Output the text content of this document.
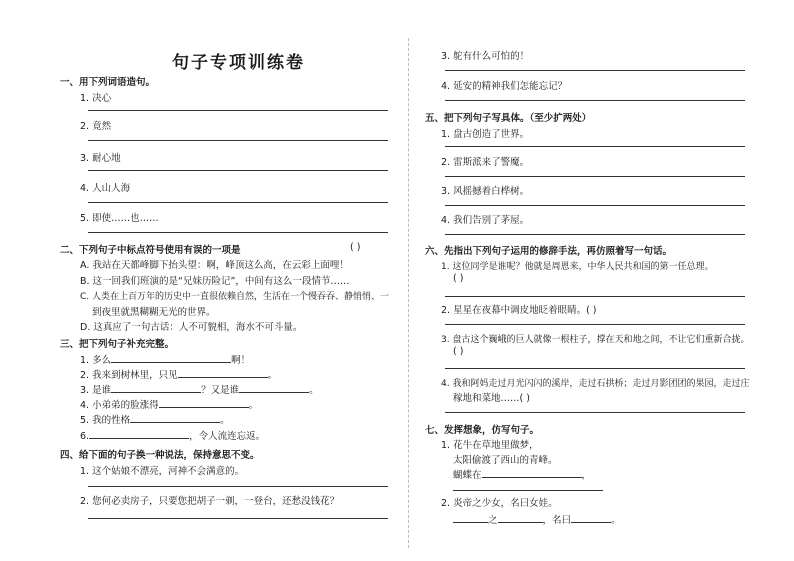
句子专项训练卷
一、用下列词语造句。
1. 决心
2. 竟然
3. 耐心地
4. 人山人海
5. 即使……也……
二、下列句子中标点符号使用有误的一项是	( )
A. 我站在天都峰脚下抬头望：啊，峰顶这么高，在云彩上面哩！
B. 这一回我们班演的是“兄妹历险记”，中间有这么一段情节……
C. 人类在上百万年的历史中一直很依赖自然，生活在一个慢吞吞、静悄悄、一
到夜里就黑糊糊无光的世界。
D. 这真应了一句古话：人不可貌相，海水不可斗量。
三、把下列句子补充完整。
1. 多么	啊！
2. 我来到树林里，只见	。
3. 是谁	？又是谁	。
4. 小弟弟的脸涨得	。
5. 我的性格	。
6.	，令人流连忘返。
四、给下面的句子换一种说法，保持意思不变。
1. 这个姑娘不漂亮，河神不会满意的。
2. 您何必卖房子，只要您把胡子一剃，一登台，还愁没钱花？
3. 鸵有什么可怕的！
4. 延安的精神我们怎能忘记？
五、把下列句子写具体。（至少扩两处）
1. 盘古创造了世界。
2. 雷斯派来了警魔。
3. 风摇撼着白桦树。
4. 我们告别了茅屋。
六、先指出下列句子运用的修辞手法，再仿照着写一句话。
1. 这位同学是谁呢？他就是周恩来，中华人民共和国的第一任总理。
( )
2. 星星在夜幕中调皮地眨着眼睛。( )
3. 盘古这个巍峨的巨人就像一根柱子，撑在天和地之间，不让它们重新合拢。
( )
4. 我和阿妈走过月光闪闪的溪岸，走过石拱桥；走过月影团团的果园，走过庄
稼地和菜地……( )
七、发挥想象，仿写句子。
1. 花牛在草地里做梦，
太阳偷渡了西山的青峰。
蝴蝶在	，
2. 炎帝之少女，名曰女娃。
之	，名曰	。
